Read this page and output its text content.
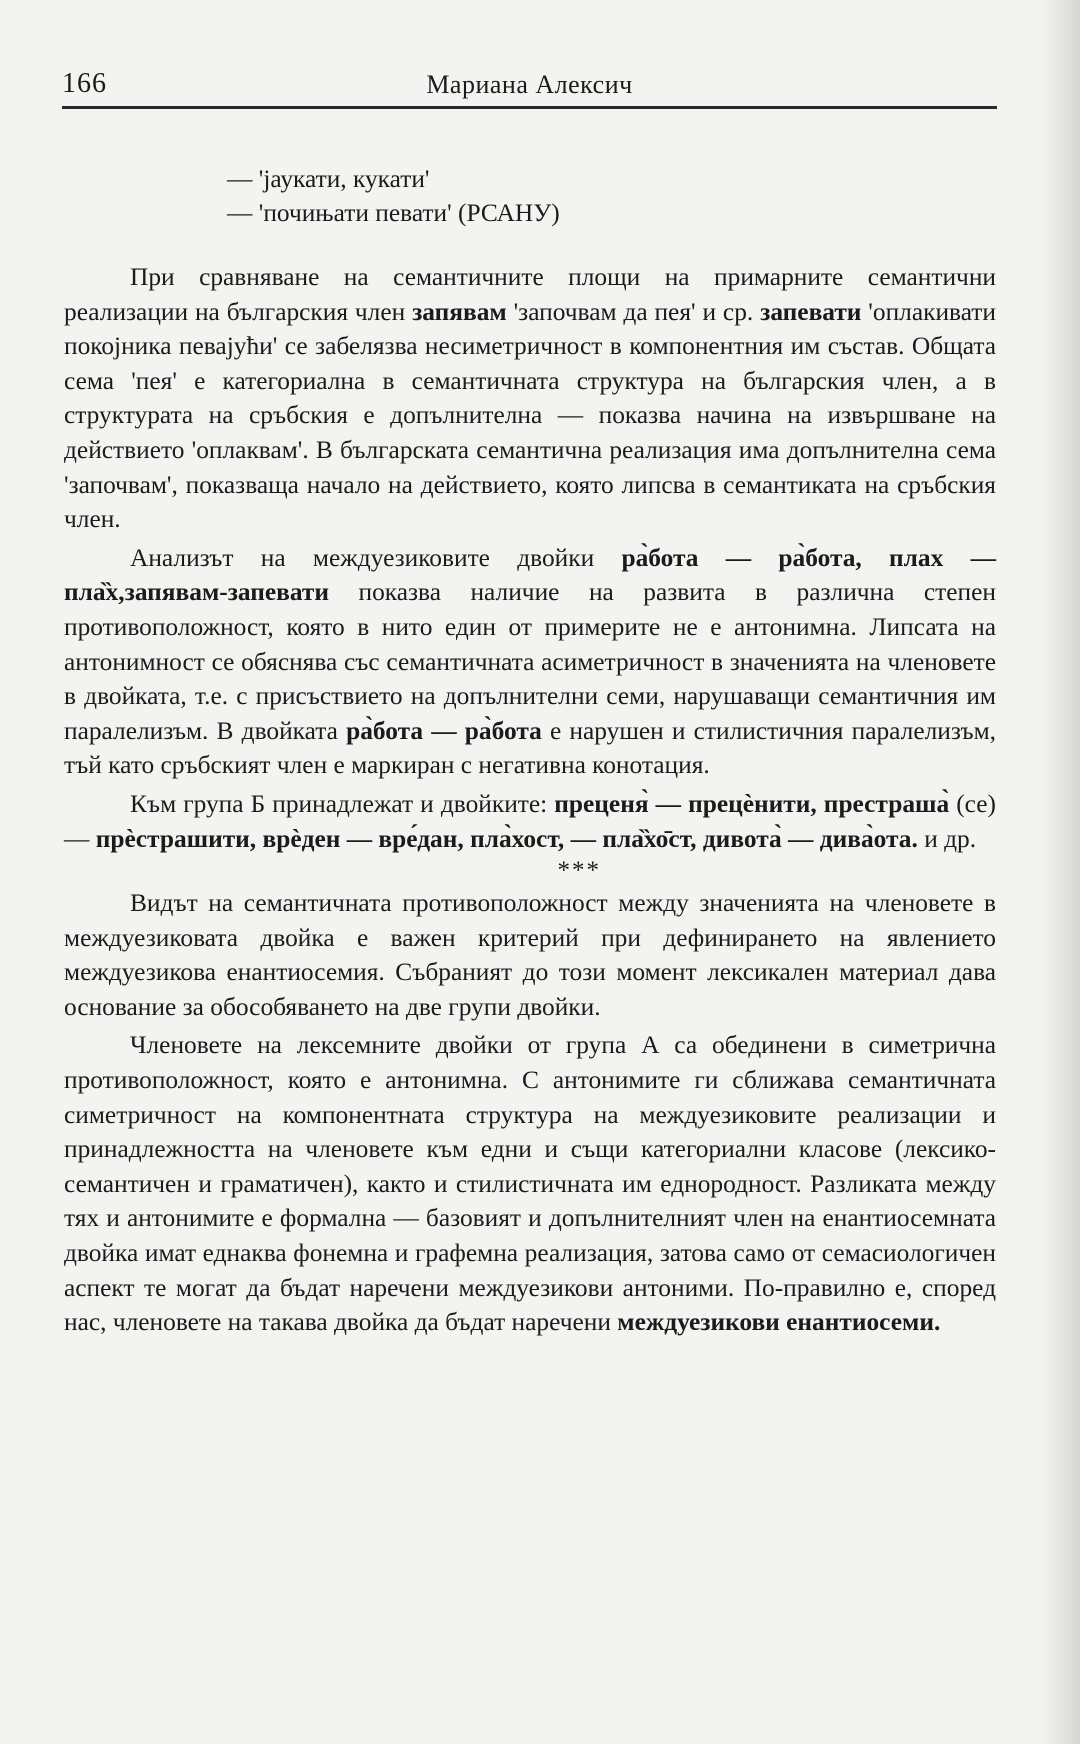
166	Мариана Алексич
— 'јаукати, кукати'
— 'почињати певати' (РСАНУ)

При сравняване на семантичните площи на примарните семантични реализации на българския член запявам 'започвам да пея' и ср. запевати 'оплакивати покојника певајући' се забелязва несиметричност в компонентния им състав. Общата сема 'пея' е категориална в семантичната структура на българския член, а в структурата на сръбския е допълнителна — показва начина на извършване на действието 'оплаквам'. В българската семантична реализация има допълнителна сема 'започвам', показваща начало на действието, която липсва в семантиката на сръбския член.

Анализът на междуезиковите двойки ра̀бота — ра̀бота, плах — пла̏х,запявам-запевати показва наличие на развита в различна степен противоположност, която в нито един от примерите не е антонимна. Липсата на антонимност се обяснява със семантичната асиметричност в значенията на членовете в двойката, т.е. с присъствието на допълнителни семи, нарушаващи семантичния им паралелизъм. В двойката ра̀бота — ра̀бота е нарушен и стилистичния паралелизъм, тъй като сръбският член е маркиран с негативна конотация.

Към група Б принадлежат и двойките: преценя̀ — прецѐнити, престраша̀ (се) — прѐстрашити, врѐден — вре́дан, пла̀хост, — пла̏хо̄ст, дивота̀ — дива̀ота. и др.

***

Видът на семантичната противоположност между значенията на членовете в междуезиковата двойка е важен критерий при дефинирането на явлението междуезикова енантиосемия. Събраният до този момент лексикален материал дава основание за обособяването на две групи двойки.

Членовете на лексемните двойки от група А са обединени в симетрична противоположност, която е антонимна. С антонимите ги сближава семантичната симетричност на компонентната структура на междуезиковите реализации и принадлежността на членовете към едни и същи категориални класове (лексико-семантичен и граматичен), както и стилистичната им еднородност. Разликата между тях и антонимите е формална — базовият и допълнителният член на енантиосемната двойка имат еднаква фонемна и графемна реализация, затова само от семасиологичен аспект те могат да бъдат наречени междуезикови антоними. По-правилно е, според нас, членовете на такава двойка да бъдат наречени междуезикови енантиосеми.
